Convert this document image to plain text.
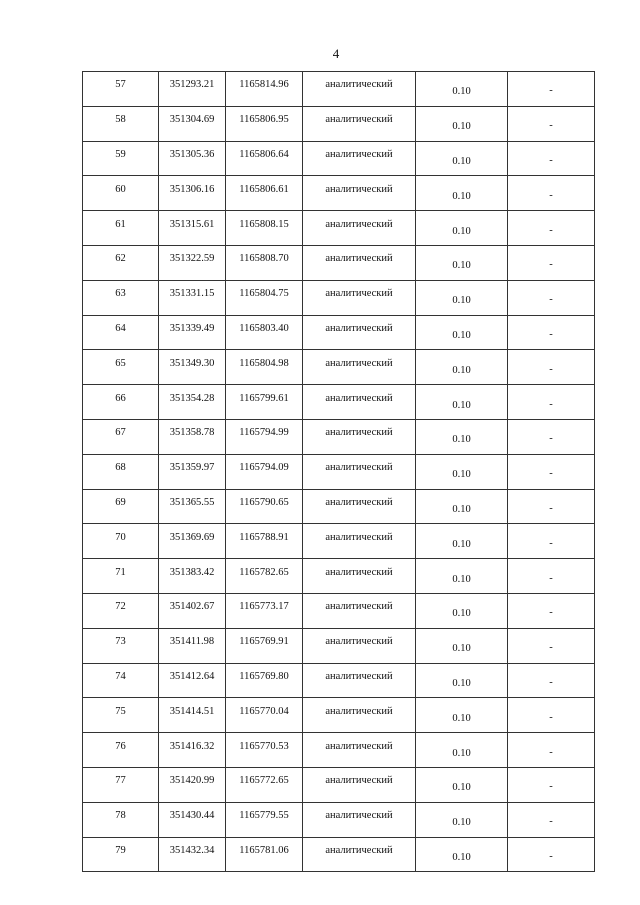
4
57	351293.21	1165814.96	аналитический	0.10	-
58	351304.69	1165806.95	аналитический	0.10	-
59	351305.36	1165806.64	аналитический	0.10	-
60	351306.16	1165806.61	аналитический	0.10	-
61	351315.61	1165808.15	аналитический	0.10	-
62	351322.59	1165808.70	аналитический	0.10	-
63	351331.15	1165804.75	аналитический	0.10	-
64	351339.49	1165803.40	аналитический	0.10	-
65	351349.30	1165804.98	аналитический	0.10	-
66	351354.28	1165799.61	аналитический	0.10	-
67	351358.78	1165794.99	аналитический	0.10	-
68	351359.97	1165794.09	аналитический	0.10	-
69	351365.55	1165790.65	аналитический	0.10	-
70	351369.69	1165788.91	аналитический	0.10	-
71	351383.42	1165782.65	аналитический	0.10	-
72	351402.67	1165773.17	аналитический	0.10	-
73	351411.98	1165769.91	аналитический	0.10	-
74	351412.64	1165769.80	аналитический	0.10	-
75	351414.51	1165770.04	аналитический	0.10	-
76	351416.32	1165770.53	аналитический	0.10	-
77	351420.99	1165772.65	аналитический	0.10	-
78	351430.44	1165779.55	аналитический	0.10	-
79	351432.34	1165781.06	аналитический	0.10	-
